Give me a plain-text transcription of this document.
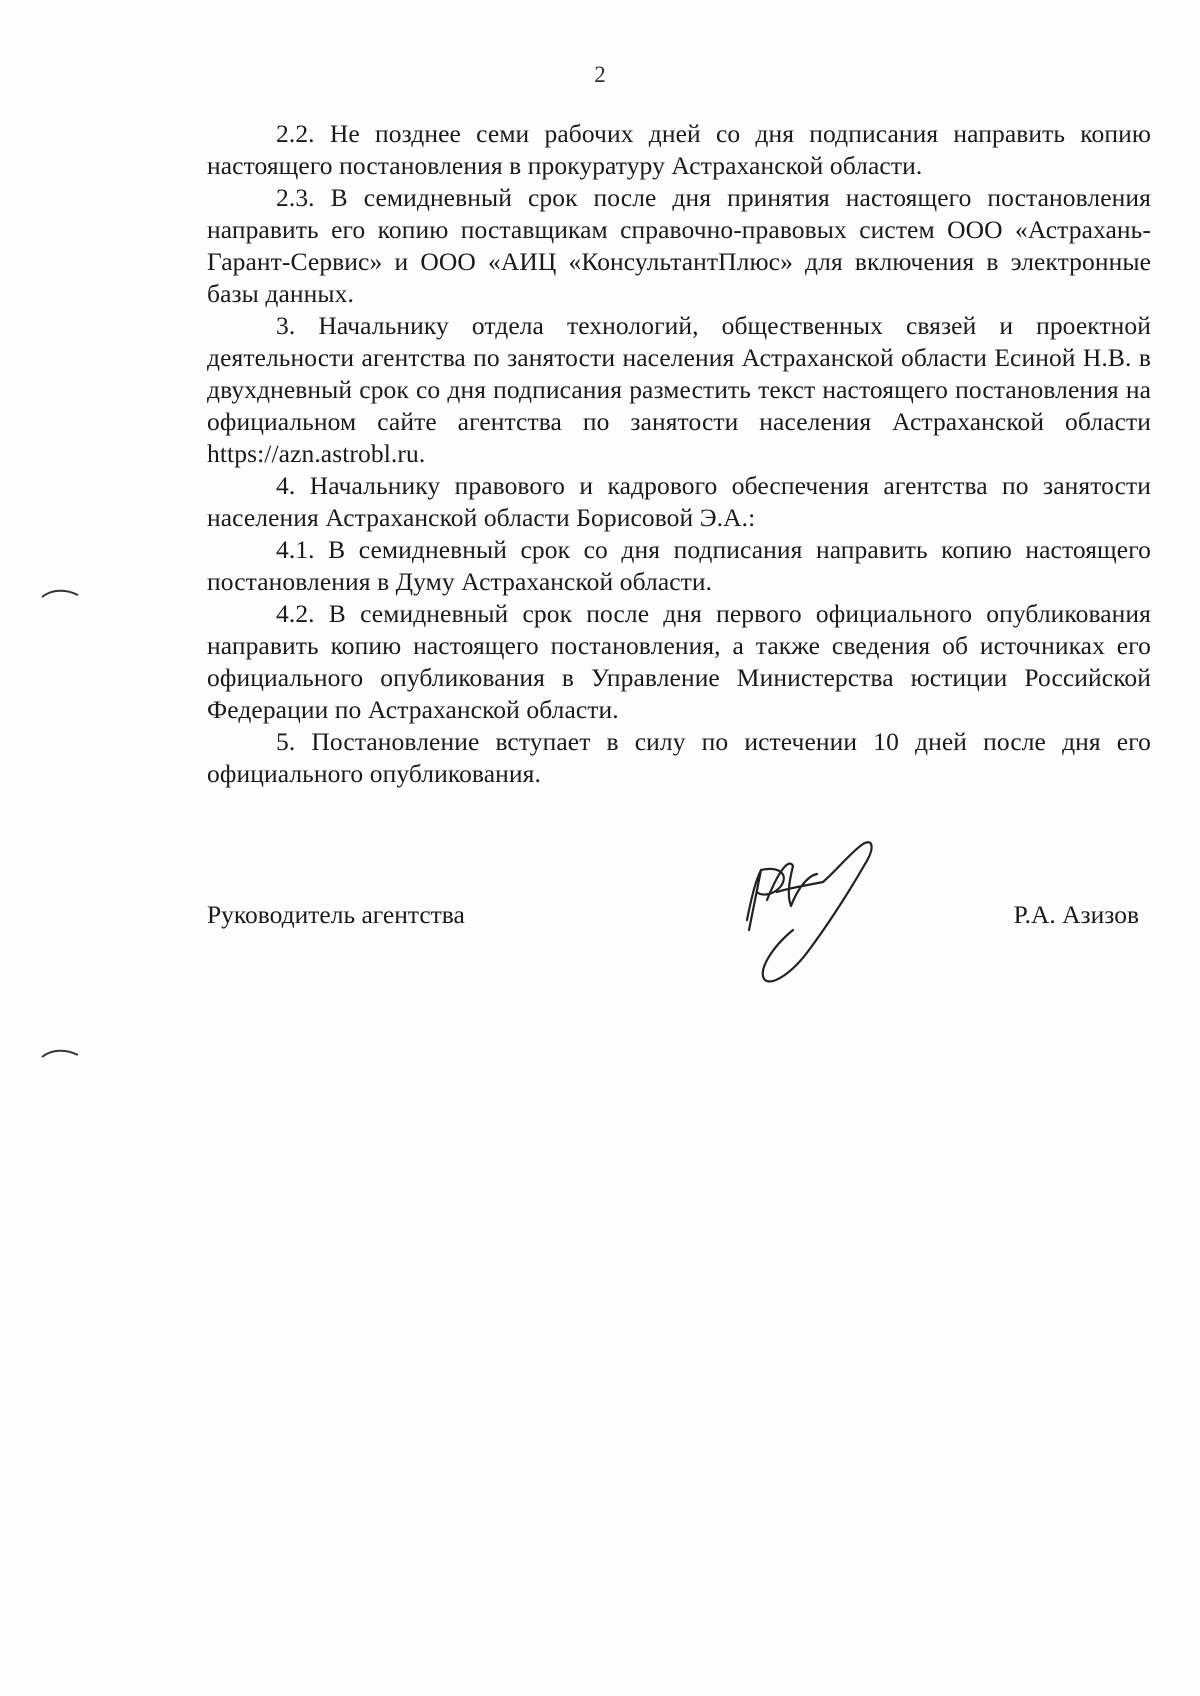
2

2.2. Не позднее семи рабочих дней со дня подписания направить копию настоящего постановления в прокуратуру Астраханской области.

2.3. В семидневный срок после дня принятия настоящего постановления направить его копию поставщикам справочно-правовых систем ООО «Астрахань-Гарант-Сервис» и ООО «АИЦ «КонсультантПлюс» для включения в электронные базы данных.

3. Начальнику отдела технологий, общественных связей и проектной деятельности агентства по занятости населения Астраханской области Есиной Н.В. в двухдневный срок со дня подписания разместить текст настоящего постановления на официальном сайте агентства по занятости населения Астраханской области https://azn.astrobl.ru.

4. Начальнику правового и кадрового обеспечения агентства по занятости населения Астраханской области Борисовой Э.А.:

4.1. В семидневный срок со дня подписания направить копию настоящего постановления в Думу Астраханской области.

4.2. В семидневный срок после дня первого официального опубликования направить копию настоящего постановления, а также сведения об источниках его официального опубликования в Управление Министерства юстиции Российской Федерации по Астраханской области.

5. Постановление вступает в силу по истечении 10 дней после дня его официального опубликования.

Руководитель агентства	Р.А. Азизов
